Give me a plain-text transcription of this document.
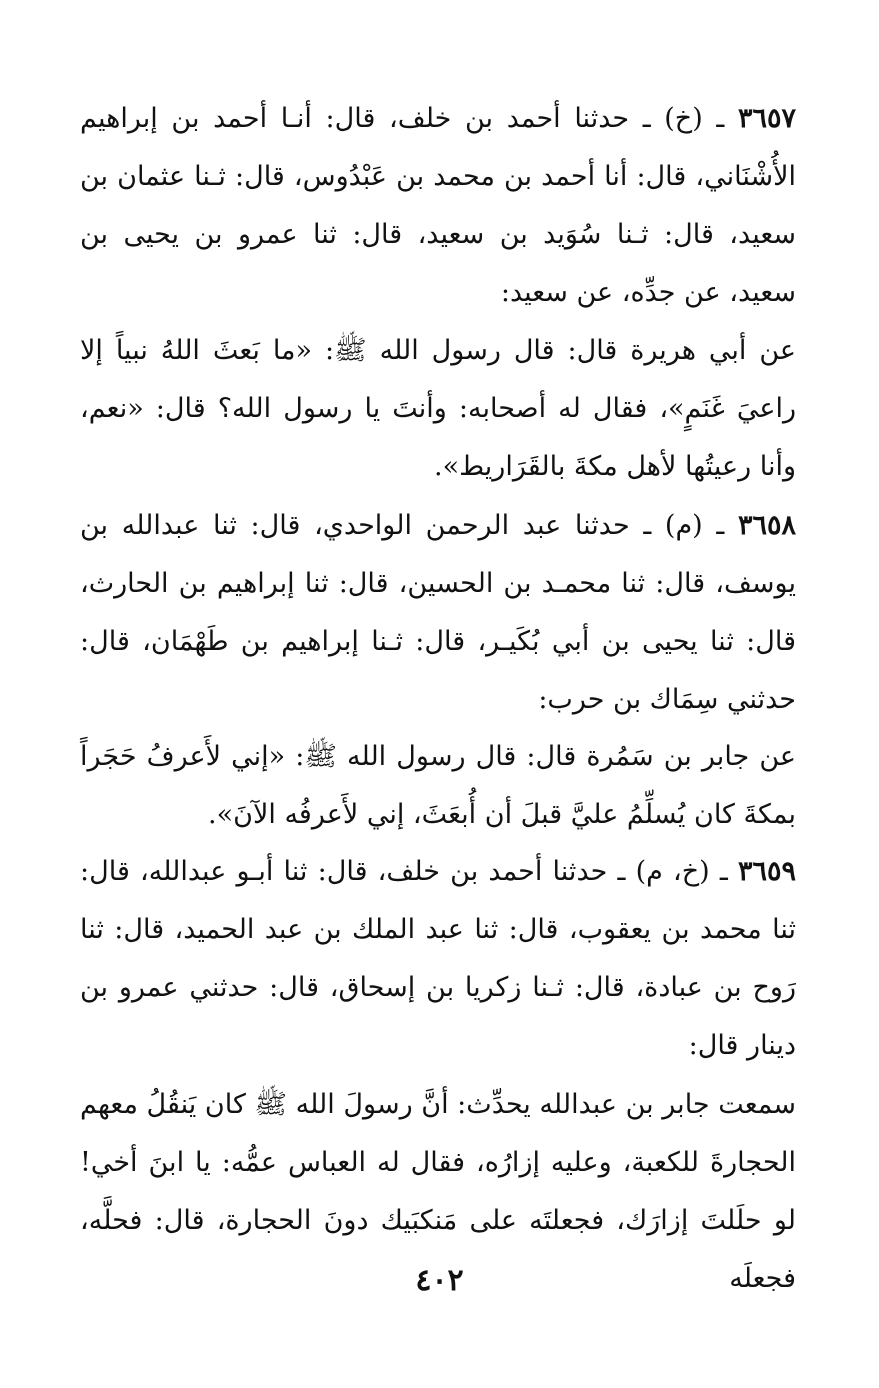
٣٦٥٧ ـ (خ) ـ حدثنا أحمد بن خلف، قال: أنـا أحمد بن إبراهيم الأُشْنَاني، قال: أنا أحمد بن محمد بن عَبْدُوس، قال: ثـنا عثمان بن سعيد، قال: ثـنا سُوَيد بن سعيد، قال: ثنا عمرو بن يحيى بن سعيد، عن جدِّه، عن سعيد:

عن أبي هريرة قال: قال رسول الله ﷺ: «ما بَعثَ اللهُ نبياً إلا راعيَ غَنَمٍ»، فقال له أصحابه: وأنتَ يا رسول الله؟ قال: «نعم، وأنا رعيتُها لأهل مكةَ بالقَرَاريط».

٣٦٥٨ ـ (م) ـ حدثنا عبد الرحمن الواحدي، قال: ثنا عبدالله بن يوسف، قال: ثنا محمـد بن الحسين، قال: ثنا إبراهيم بن الحارث، قال: ثنا يحيى بن أبي بُكَيـر، قال: ثـنا إبراهيم بن طَهْمَان، قال: حدثني سِمَاك بن حرب:

عن جابر بن سَمُرة قال: قال رسول الله ﷺ: «إني لأَعرفُ حَجَراً بمكةَ كان يُسلِّمُ عليَّ قبلَ أن أُبعَثَ، إني لأَعرفُه الآنَ».

٣٦٥٩ ـ (خ، م) ـ حدثنا أحمد بن خلف، قال: ثنا أبـو عبدالله، قال: ثنا محمد بن يعقوب، قال: ثنا عبد الملك بن عبد الحميد، قال: ثنا رَوح بن عبادة، قال: ثـنا زكريا بن إسحاق، قال: حدثني عمرو بن دينار قال:

سمعت جابر بن عبدالله يحدِّث: أنَّ رسولَ الله ﷺ كان يَنقُلُ معهم الحجارةَ للكعبة، وعليه إزارُه، فقال له العباس عمُّه: يا ابنَ أخي! لو حلَلتَ إزارَك، فجعلتَه على مَنكبَيك دونَ الحجارة، قال: فحلَّه، فجعلَه

٤٠٢
